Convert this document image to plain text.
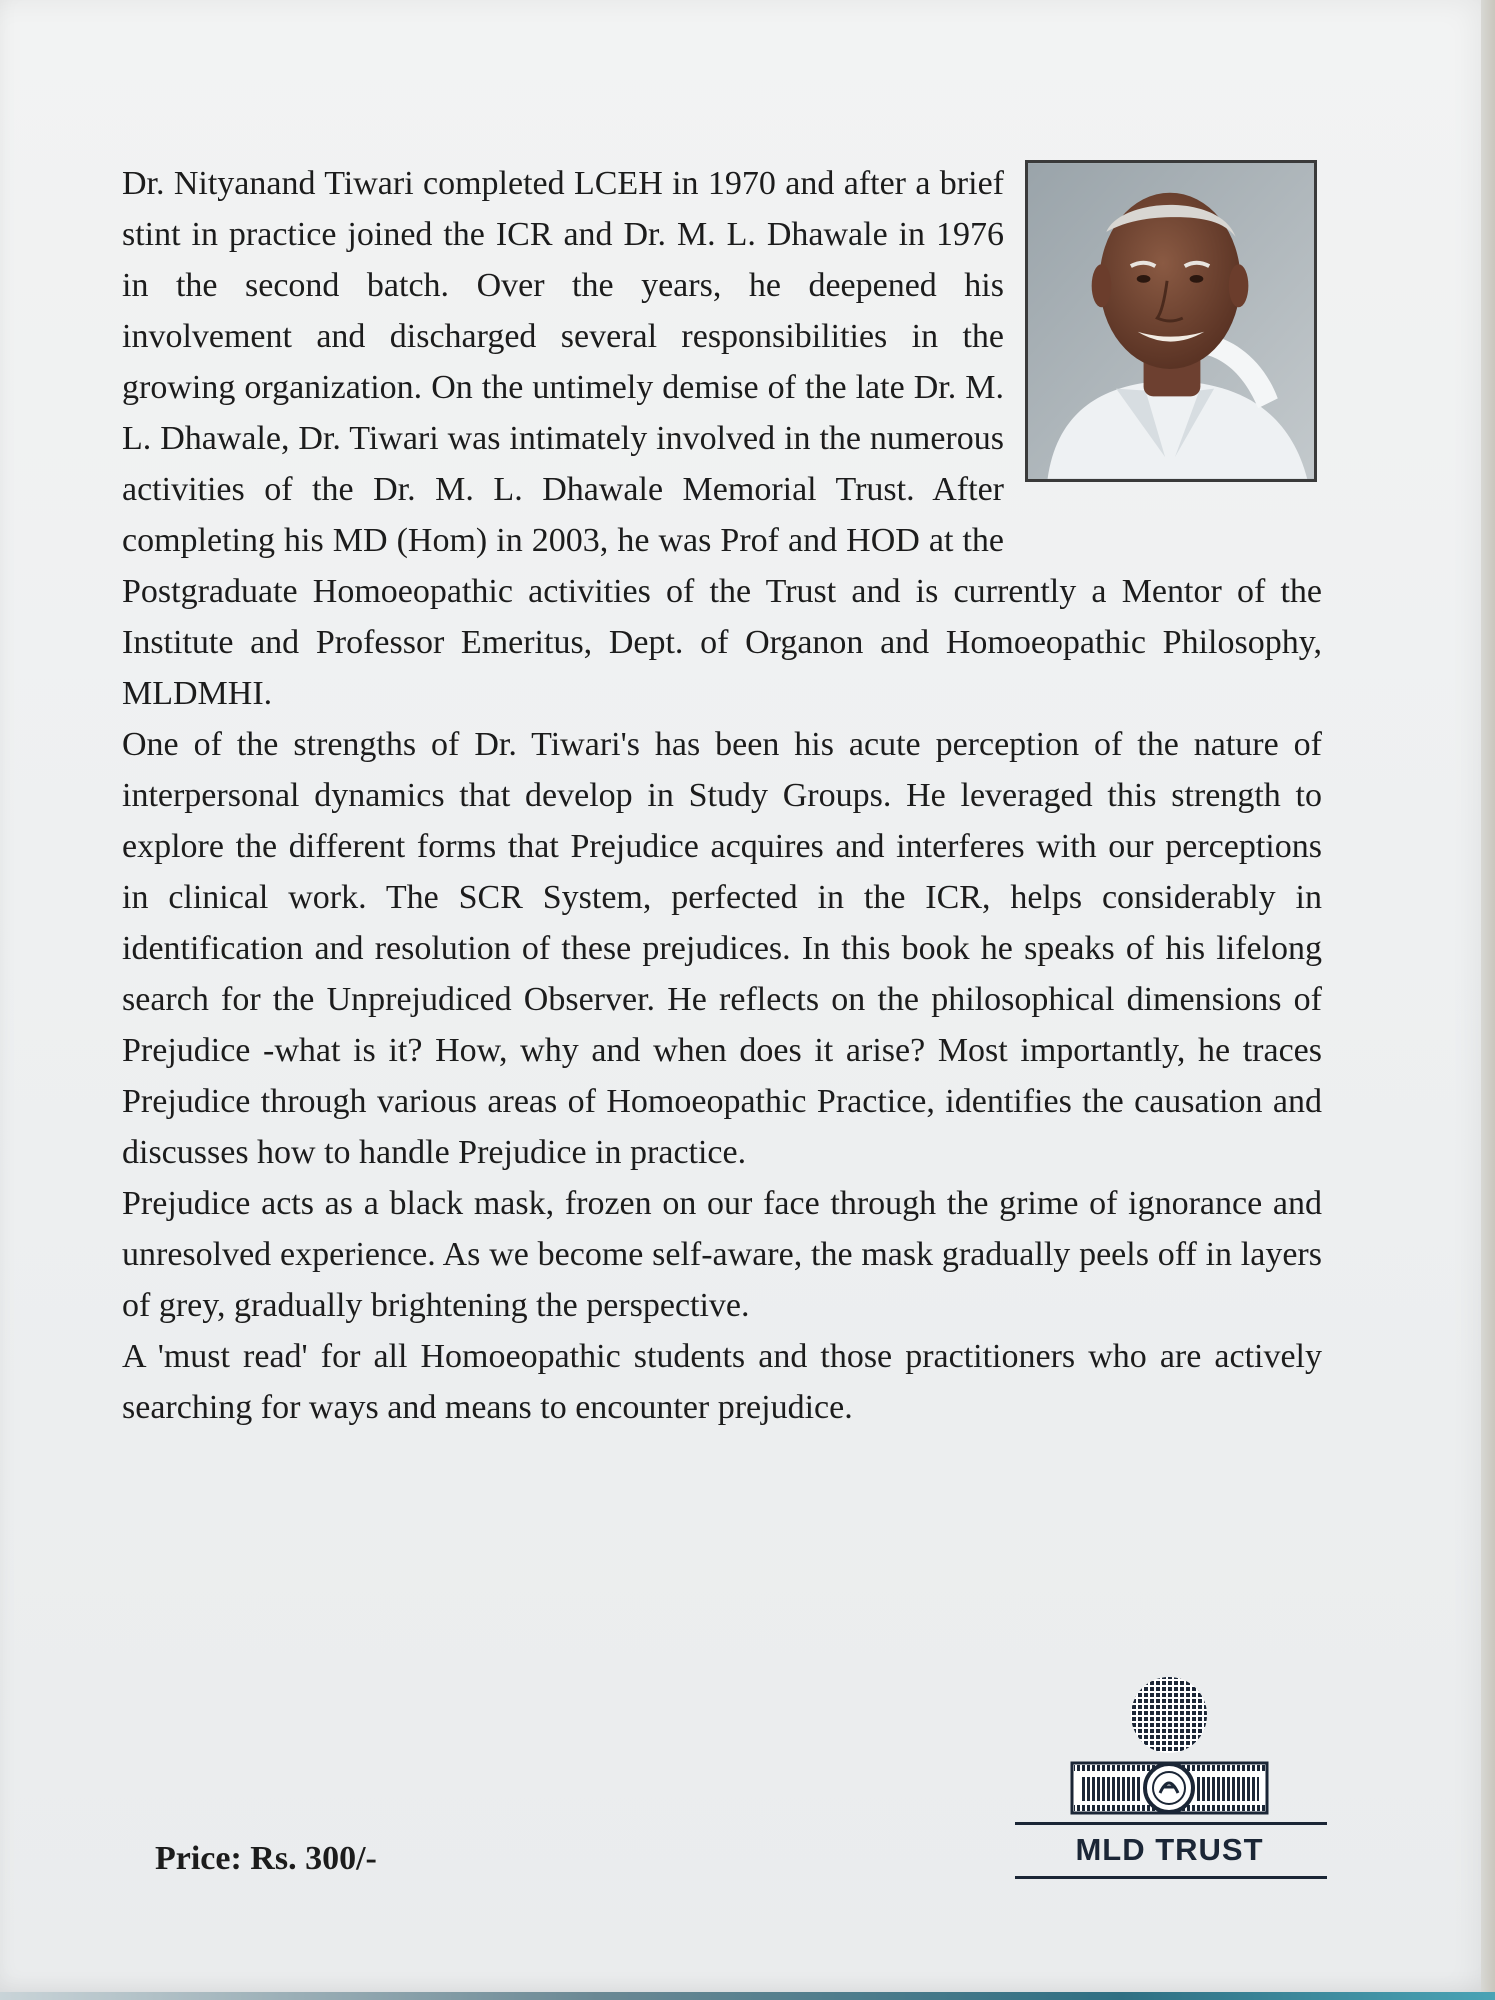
Dr. Nityanand Tiwari completed LCEH in 1970 and after a brief stint in practice joined the ICR and Dr. M. L. Dhawale in 1976 in the second batch. Over the years, he deepened his involvement and discharged several responsibilities in the growing organization. On the untimely demise of the late Dr. M. L. Dhawale, Dr. Tiwari was intimately involved in the numerous activities of the Dr. M. L. Dhawale Memorial Trust. After completing his MD (Hom) in 2003, he was Prof and HOD at the Postgraduate Homoeopathic activities of the Trust and is currently a Mentor of the Institute and Professor Emeritus, Dept. of Organon and Homoeopathic Philosophy, MLDMHI.

One of the strengths of Dr. Tiwari's has been his acute perception of the nature of interpersonal dynamics that develop in Study Groups. He leveraged this strength to explore the different forms that Prejudice acquires and interferes with our perceptions in clinical work. The SCR System, perfected in the ICR, helps considerably in identification and resolution of these prejudices. In this book he speaks of his lifelong search for the Unprejudiced Observer. He reflects on the philosophical dimensions of Prejudice -what is it? How, why and when does it arise? Most importantly, he traces Prejudice through various areas of Homoeopathic Practice, identifies the causation and discusses how to handle Prejudice in practice.

Prejudice acts as a black mask, frozen on our face through the grime of ignorance and unresolved experience. As we become self-aware, the mask gradually peels off in layers of grey, gradually brightening the perspective.

A 'must read' for all Homoeopathic students and those practitioners who are actively searching for ways and means to encounter prejudice.

Price: Rs. 300/-	MLD TRUST
